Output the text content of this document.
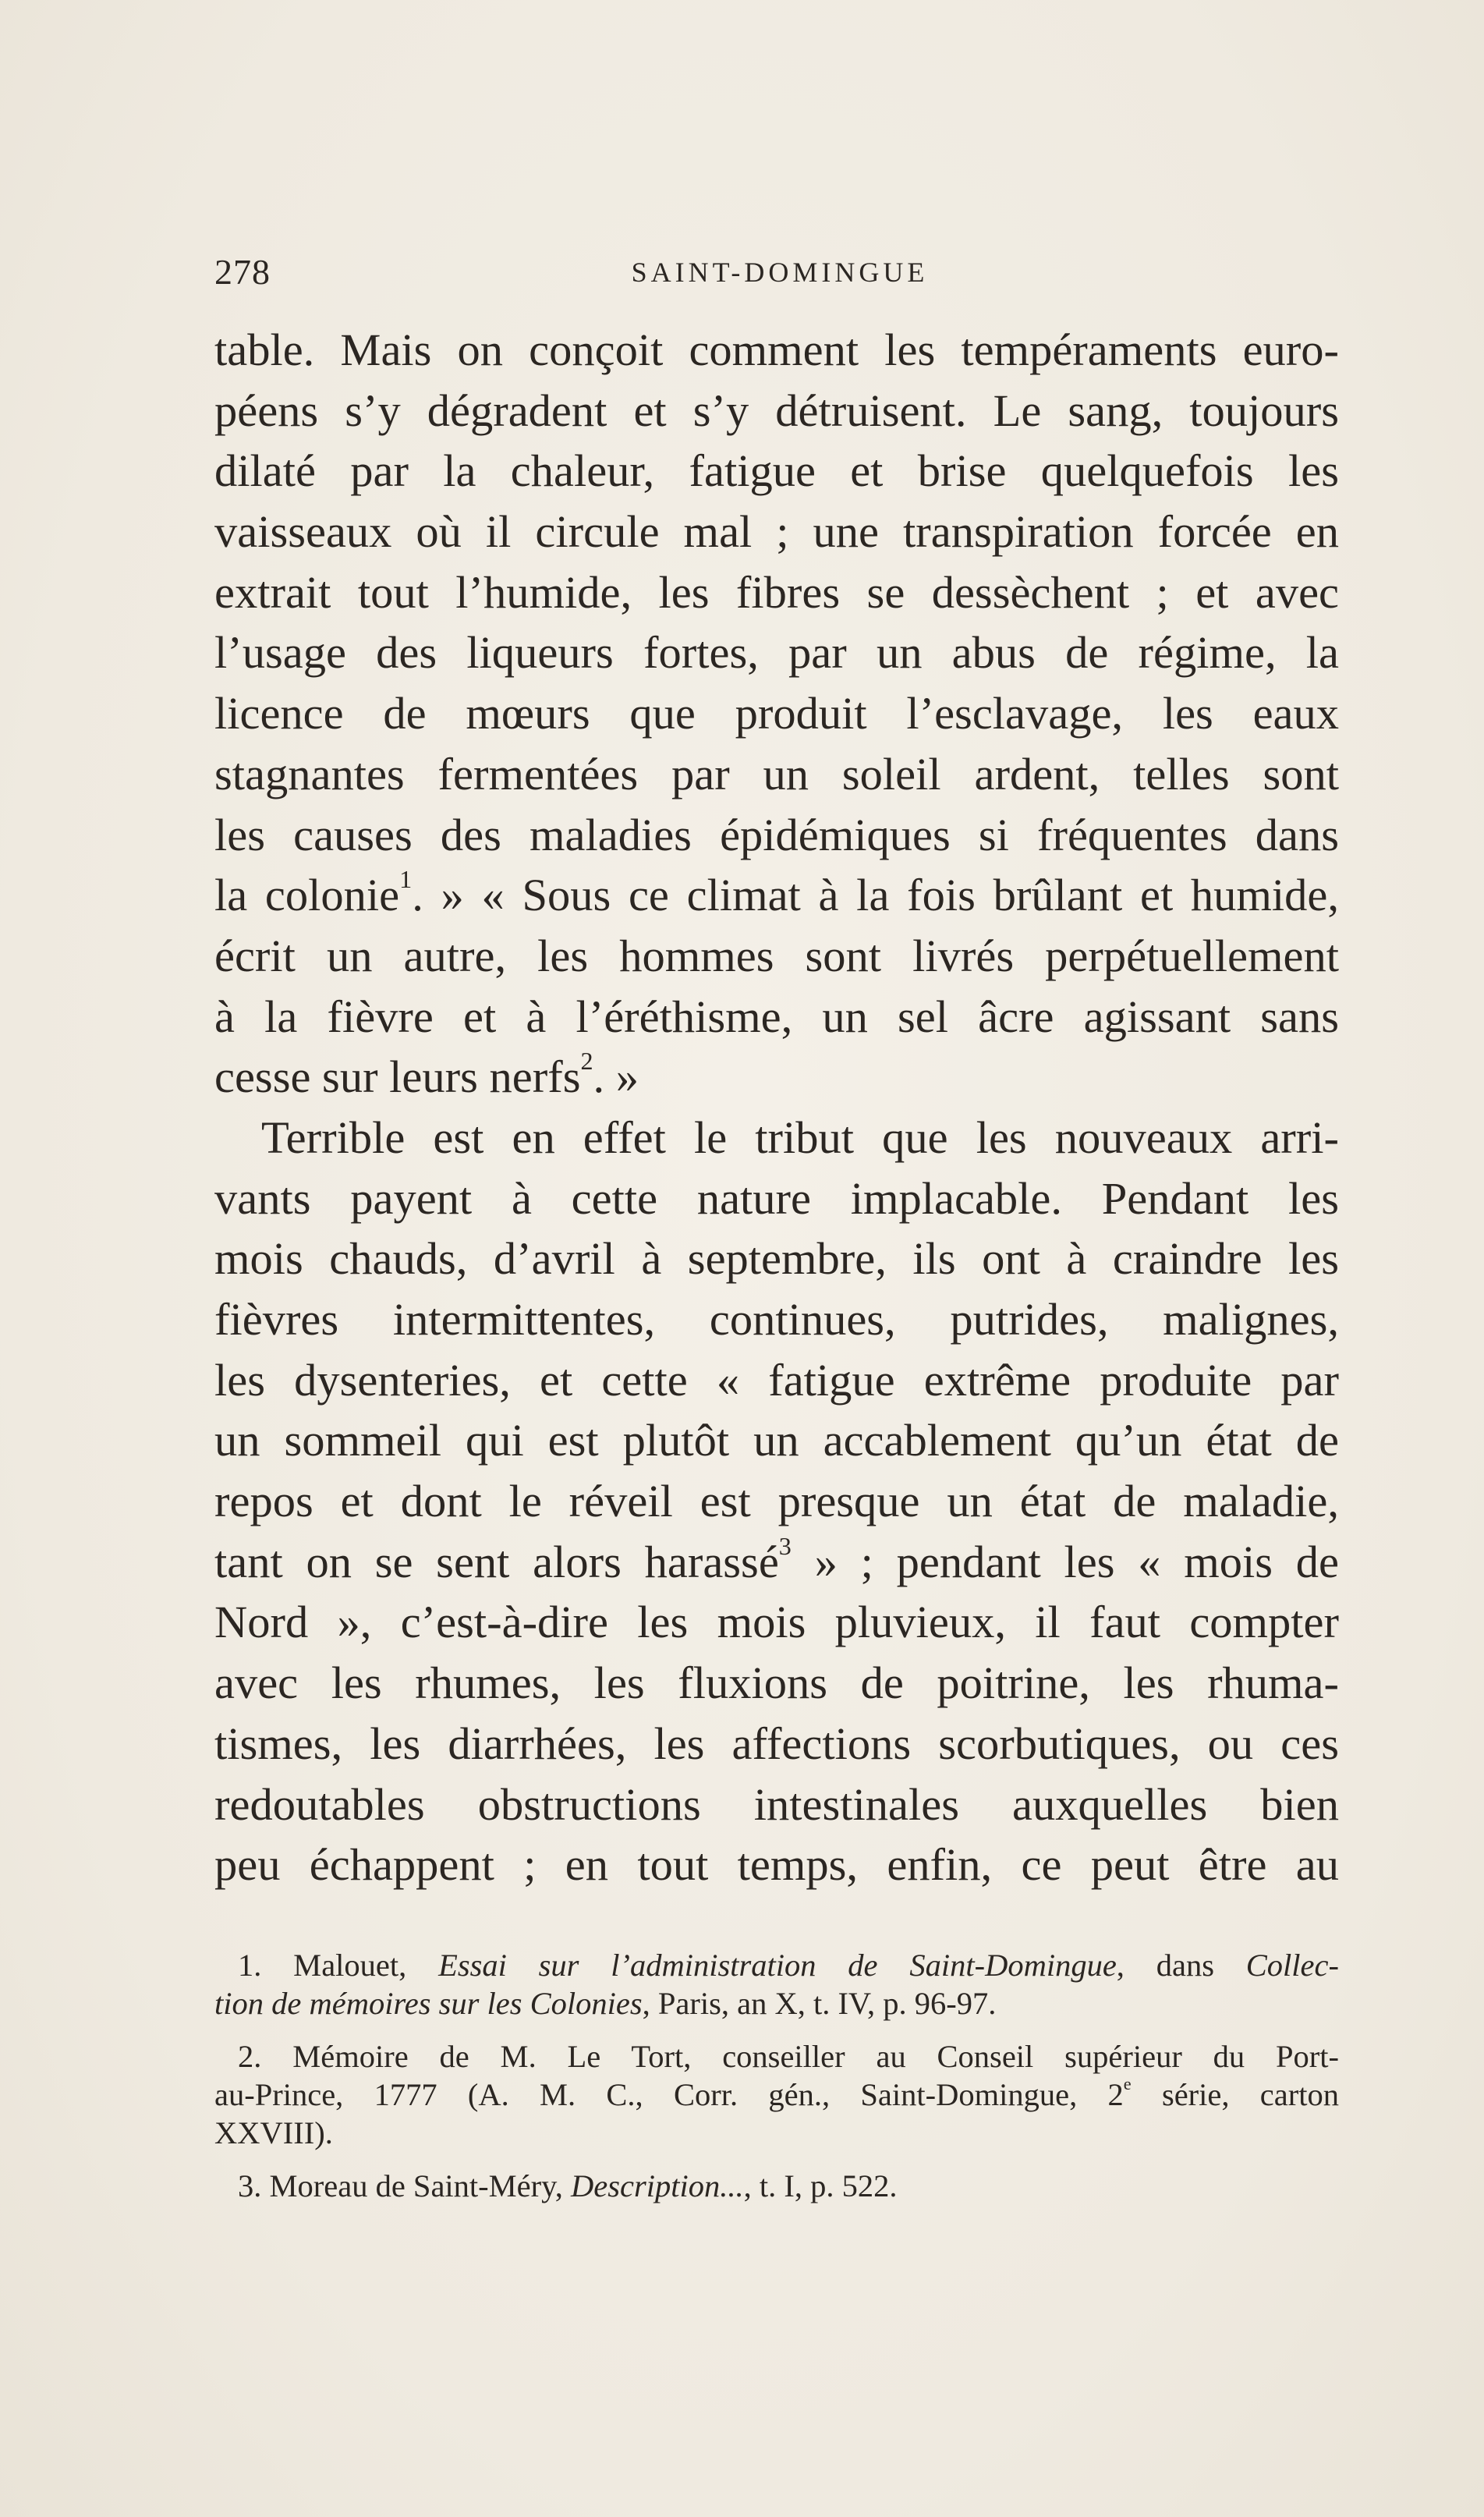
278	SAINT-DOMINGUE
table. Mais on conçoit comment les tempéraments euro-
péens s’y dégradent et s’y détruisent. Le sang, toujours
dilaté par la chaleur, fatigue et brise quelquefois les
vaisseaux où il circule mal ; une transpiration forcée en
extrait tout l’humide, les fibres se dessèchent ; et avec
l’usage des liqueurs fortes, par un abus de régime, la
licence de mœurs que produit l’esclavage, les eaux
stagnantes fermentées par un soleil ardent, telles sont
les causes des maladies épidémiques si fréquentes dans
la colonie$^1$. » « Sous ce climat à la fois brûlant et humide,
écrit un autre, les hommes sont livrés perpétuellement
à la fièvre et à l’éréthisme, un sel âcre agissant sans
cesse sur leurs nerfs$^2$. »
Terrible est en effet le tribut que les nouveaux arri-
vants payent à cette nature implacable. Pendant les
mois chauds, d’avril à septembre, ils ont à craindre les
fièvres intermittentes, continues, putrides, malignes,
les dysenteries, et cette « fatigue extrême produite par
un sommeil qui est plutôt un accablement qu’un état de
repos et dont le réveil est presque un état de maladie,
tant on se sent alors harassé$^3$ » ; pendant les « mois de
Nord », c’est-à-dire les mois pluvieux, il faut compter
avec les rhumes, les fluxions de poitrine, les rhuma-
tismes, les diarrhées, les affections scorbutiques, ou ces
redoutables obstructions intestinales auxquelles bien
peu échappent ; en tout temps, enfin, ce peut être au
1. Malouet, Essai sur l’administration de Saint-Domingue, dans Collec-
tion de mémoires sur les Colonies, Paris, an X, t. IV, p. 96-97.
2. Mémoire de M. Le Tort, conseiller au Conseil supérieur du Port-
au-Prince, 1777 (A. M. C., Corr. gén., Saint-Domingue, 2e série, carton
XXVIII).
3. Moreau de Saint-Méry, Description..., t. I, p. 522.
